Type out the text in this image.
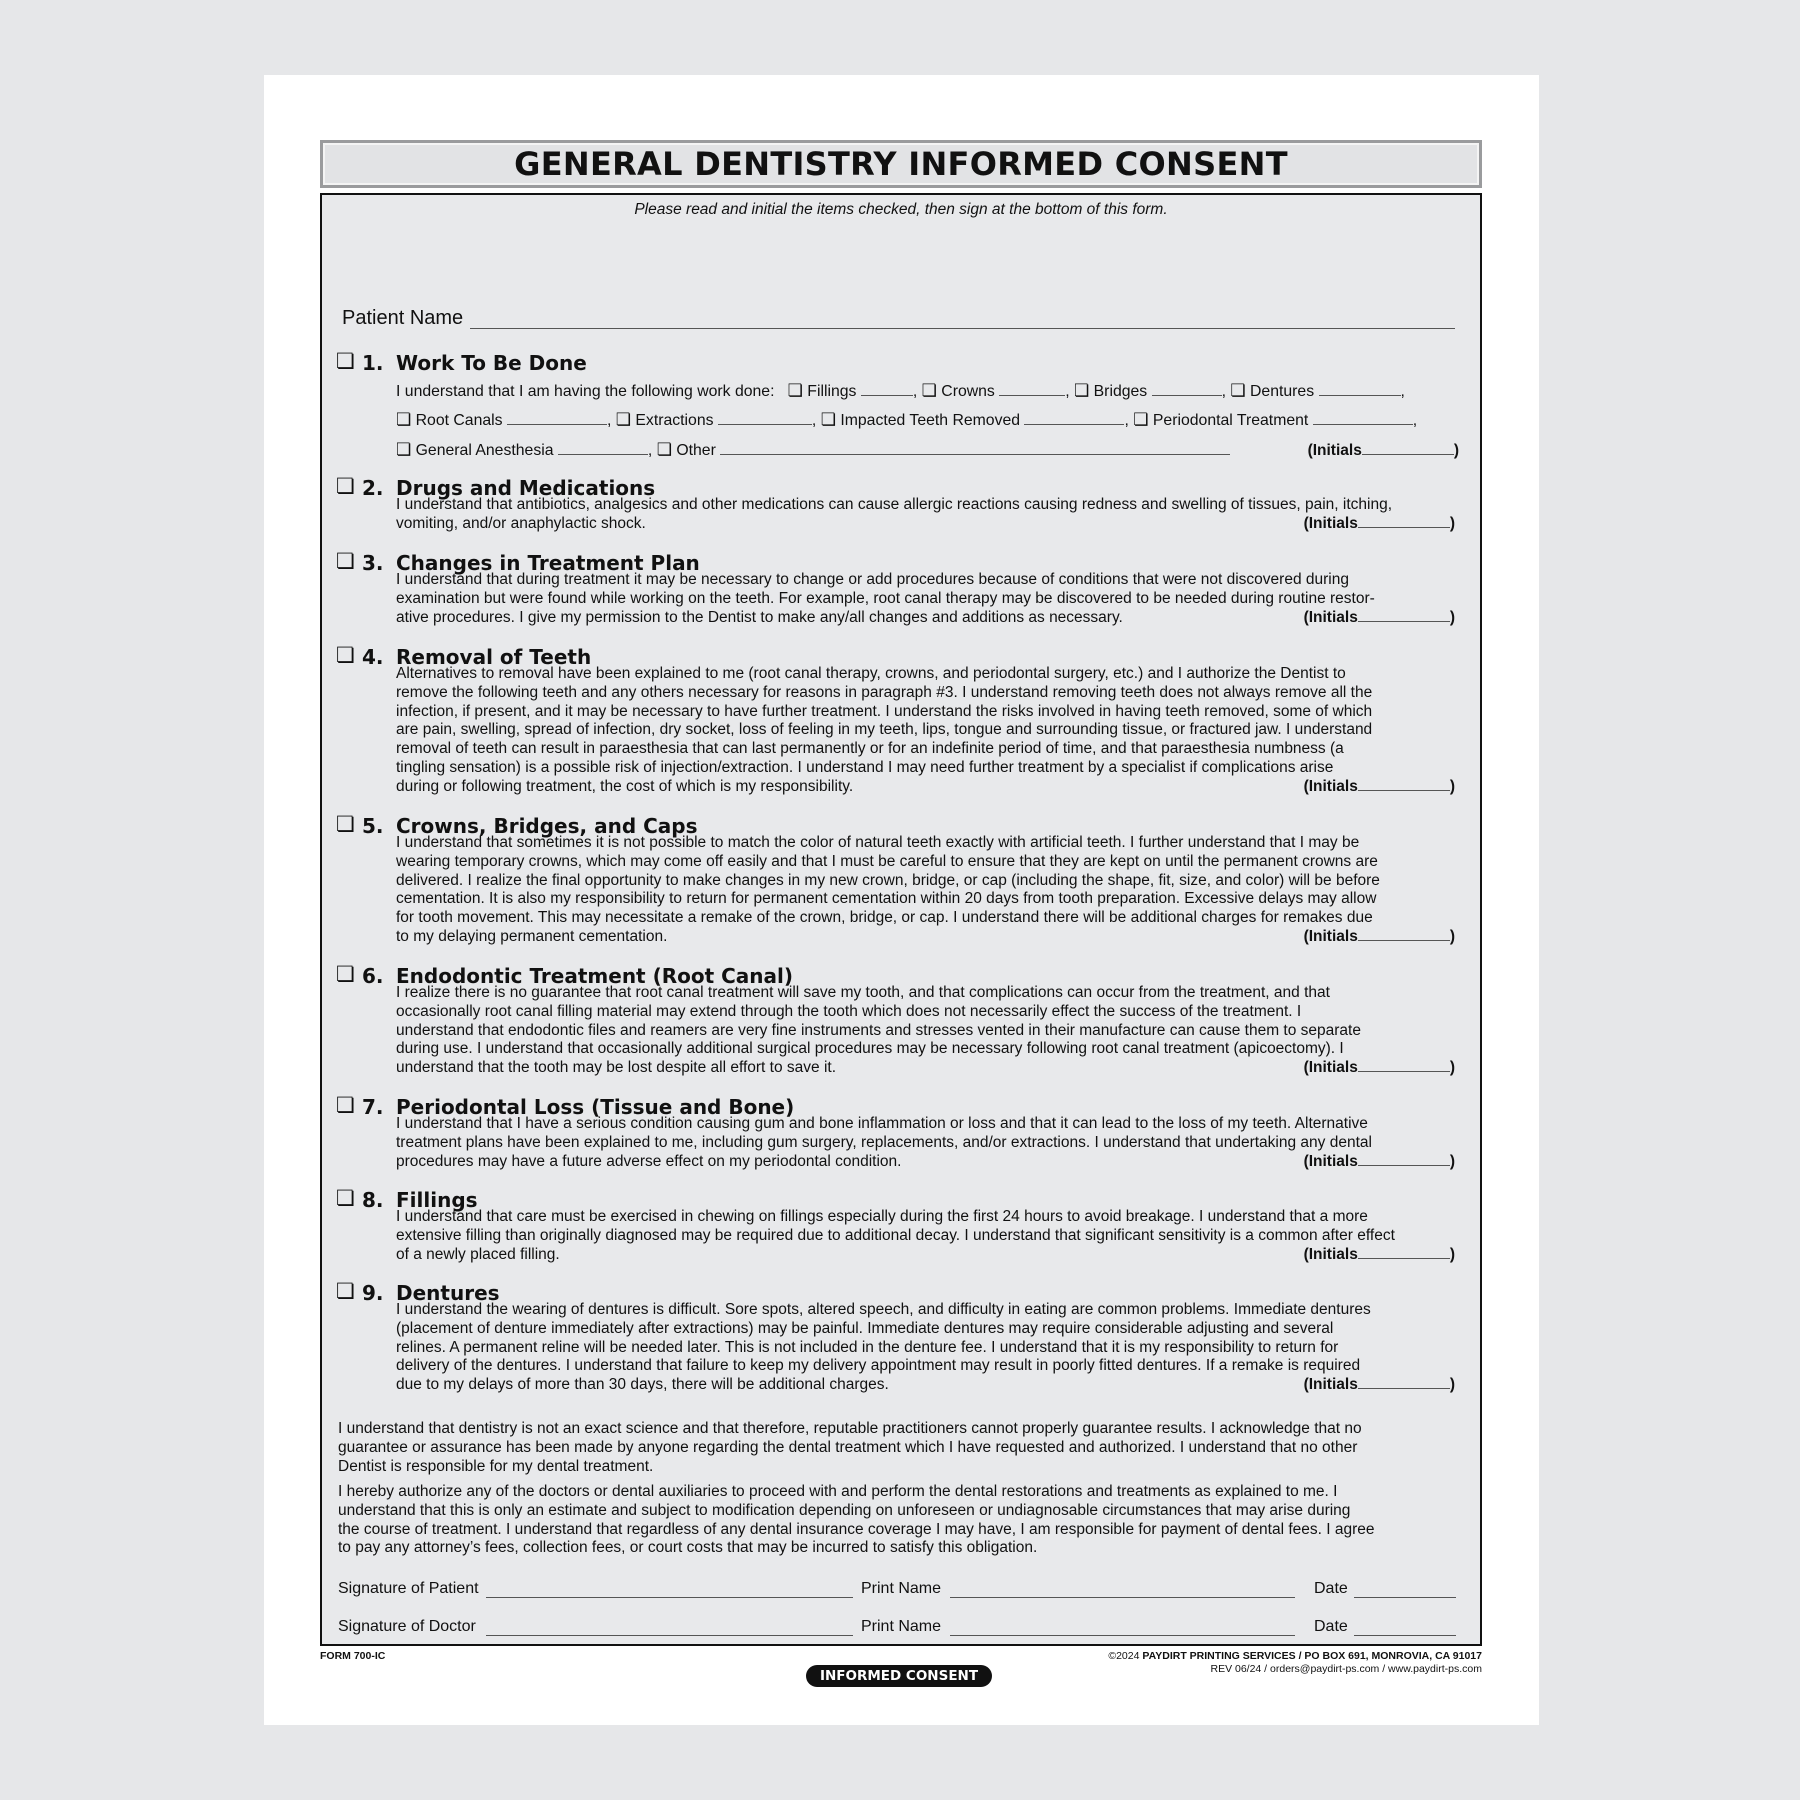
GENERAL DENTISTRY INFORMED CONSENT
Please read and initial the items checked, then sign at the bottom of this form.
Patient Name
❏ 1. Work To Be Done
I understand that I am having the following work done: ❏ Fillings	, ❏ Crowns	, ❏ Bridges	, ❏ Dentures	,
❏ Root Canals	, ❏ Extractions	, ❏ Impacted Teeth Removed	, ❏ Periodontal Treatment	,
❏ General Anesthesia	, ❏ Other	(Initials	)
❏ 2. Drugs and Medications
I understand that antibiotics, analgesics and other medications can cause allergic reactions causing redness and swelling of tissues, pain, itching,
vomiting, and/or anaphylactic shock.	(Initials	)
❏ 3. Changes in Treatment Plan
I understand that during treatment it may be necessary to change or add procedures because of conditions that were not discovered during
examination but were found while working on the teeth. For example, root canal therapy may be discovered to be needed during routine restor-
ative procedures. I give my permission to the Dentist to make any/all changes and additions as necessary.	(Initials	)
❏ 4. Removal of Teeth
Alternatives to removal have been explained to me (root canal therapy, crowns, and periodontal surgery, etc.) and I authorize the Dentist to
remove the following teeth and any others necessary for reasons in paragraph #3. I understand removing teeth does not always remove all the
infection, if present, and it may be necessary to have further treatment. I understand the risks involved in having teeth removed, some of which
are pain, swelling, spread of infection, dry socket, loss of feeling in my teeth, lips, tongue and surrounding tissue, or fractured jaw. I understand
removal of teeth can result in paraesthesia that can last permanently or for an indefinite period of time, and that paraesthesia numbness (a
tingling sensation) is a possible risk of injection/extraction. I understand I may need further treatment by a specialist if complications arise
during or following treatment, the cost of which is my responsibility.	(Initials	)
❏ 5. Crowns, Bridges, and Caps
I understand that sometimes it is not possible to match the color of natural teeth exactly with artificial teeth. I further understand that I may be
wearing temporary crowns, which may come off easily and that I must be careful to ensure that they are kept on until the permanent crowns are
delivered. I realize the final opportunity to make changes in my new crown, bridge, or cap (including the shape, fit, size, and color) will be before
cementation. It is also my responsibility to return for permanent cementation within 20 days from tooth preparation. Excessive delays may allow
for tooth movement. This may necessitate a remake of the crown, bridge, or cap. I understand there will be additional charges for remakes due
to my delaying permanent cementation.	(Initials	)
❏ 6. Endodontic Treatment (Root Canal)
I realize there is no guarantee that root canal treatment will save my tooth, and that complications can occur from the treatment, and that
occasionally root canal filling material may extend through the tooth which does not necessarily effect the success of the treatment. I
understand that endodontic files and reamers are very fine instruments and stresses vented in their manufacture can cause them to separate
during use. I understand that occasionally additional surgical procedures may be necessary following root canal treatment (apicoectomy). I
understand that the tooth may be lost despite all effort to save it.	(Initials	)
❏ 7. Periodontal Loss (Tissue and Bone)
I understand that I have a serious condition causing gum and bone inflammation or loss and that it can lead to the loss of my teeth. Alternative
treatment plans have been explained to me, including gum surgery, replacements, and/or extractions. I understand that undertaking any dental
procedures may have a future adverse effect on my periodontal condition.	(Initials	)
❏ 8. Fillings
I understand that care must be exercised in chewing on fillings especially during the first 24 hours to avoid breakage. I understand that a more
extensive filling than originally diagnosed may be required due to additional decay. I understand that significant sensitivity is a common after effect
of a newly placed filling.	(Initials	)
❏ 9. Dentures
I understand the wearing of dentures is difficult. Sore spots, altered speech, and difficulty in eating are common problems. Immediate dentures
(placement of denture immediately after extractions) may be painful. Immediate dentures may require considerable adjusting and several
relines. A permanent reline will be needed later. This is not included in the denture fee. I understand that it is my responsibility to return for
delivery of the dentures. I understand that failure to keep my delivery appointment may result in poorly fitted dentures. If a remake is required
due to my delays of more than 30 days, there will be additional charges.	(Initials	)
I understand that dentistry is not an exact science and that therefore, reputable practitioners cannot properly guarantee results. I acknowledge that no
guarantee or assurance has been made by anyone regarding the dental treatment which I have requested and authorized. I understand that no other
Dentist is responsible for my dental treatment.
I hereby authorize any of the doctors or dental auxiliaries to proceed with and perform the dental restorations and treatments as explained to me. I
understand that this is only an estimate and subject to modification depending on unforeseen or undiagnosable circumstances that may arise during
the course of treatment. I understand that regardless of any dental insurance coverage I may have, I am responsible for payment of dental fees. I agree
to pay any attorney’s fees, collection fees, or court costs that may be incurred to satisfy this obligation.
Signature of Patient	Print Name	Date
Signature of Doctor	Print Name	Date
FORM 700-IC	©2024 PAYDIRT PRINTING SERVICES / PO BOX 691, MONROVIA, CA 91017
REV 06/24 / orders@paydirt-ps.com / www.paydirt-ps.com
INFORMED CONSENT
